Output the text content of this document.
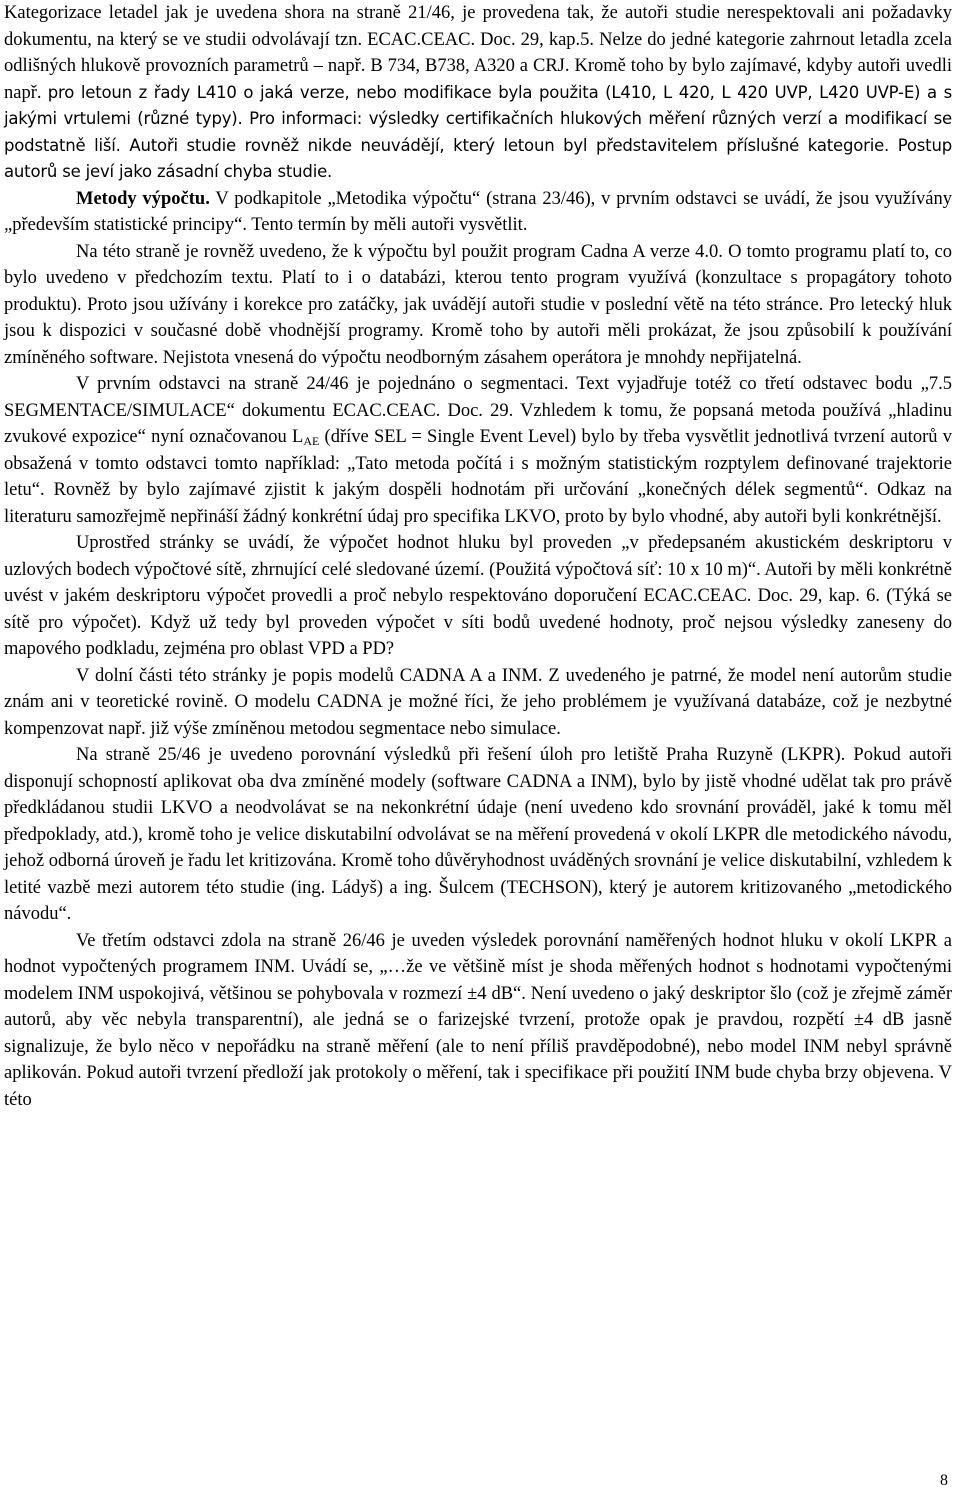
Kategorizace letadel jak je uvedena shora na straně 21/46, je provedena tak, že autoři studie nerespektovali ani požadavky dokumentu, na který se ve studii odvolávají tzn. ECAC.CEAC. Doc. 29, kap.5. Nelze do jedné kategorie zahrnout letadla zcela odlišných hlukově provozních parametrů – např. B 734, B738, A320 a CRJ. Kromě toho by bylo zajímavé, kdyby autoři uvedli např. pro letoun z řady L410 o jaká verze, nebo modifikace byla použita (L410, L 420, L 420 UVP, L420 UVP-E) a s jakými vrtulemi (různé typy). Pro informaci: výsledky certifikačních hlukových měření různých verzí a modifikací se podstatně liší. Autoři studie rovněž nikde neuvádějí, který letoun byl představitelem příslušné kategorie. Postup autorů se jeví jako zásadní chyba studie.

Metody výpočtu. V podkapitole „Metodika výpočtu“ (strana 23/46), v prvním odstavci se uvádí, že jsou využívány „především statistické principy“. Tento termín by měli autoři vysvětlit.

Na této straně je rovněž uvedeno, že k výpočtu byl použit program Cadna A verze 4.0. O tomto programu platí to, co bylo uvedeno v předchozím textu. Platí to i o databázi, kterou tento program využívá (konzultace s propagátory tohoto produktu). Proto jsou užívány i korekce pro zatáčky, jak uvádějí autoři studie v poslední větě na této stránce. Pro letecký hluk jsou k dispozici v současné době vhodnější programy. Kromě toho by autoři měli prokázat, že jsou způsobilí k používání zmíněného software. Nejistota vnesená do výpočtu neodborným zásahem operátora je mnohdy nepřijatelná.

V prvním odstavci na straně 24/46 je pojednáno o segmentaci. Text vyjadřuje totéž co třetí odstavec bodu „7.5 SEGMENTACE/SIMULACE“ dokumentu ECAC.CEAC. Doc. 29. Vzhledem k tomu, že popsaná metoda používá „hladinu zvukové expozice“ nyní označovanou $L_{AE}$ (dříve SEL = Single Event Level) bylo by třeba vysvětlit jednotlivá tvrzení autorů v obsažená v tomto odstavci tomto například: „Tato metoda počítá i s možným statistickým rozptylem definované trajektorie letu“. Rovněž by bylo zajímavé zjistit k jakým dospěli hodnotám při určování „konečných délek segmentů“. Odkaz na literaturu samozřejmě nepřináší žádný konkrétní údaj pro specifika LKVO, proto by bylo vhodné, aby autoři byli konkrétnější.

Uprostřed stránky se uvádí, že výpočet hodnot hluku byl proveden „v předepsaném akustickém deskriptoru v uzlových bodech výpočtové sítě, zhrnující celé sledované území. (Použitá výpočtová síť: 10 x 10 m)“. Autoři by měli konkrétně uvést v jakém deskriptoru výpočet provedli a proč nebylo respektováno doporučení ECAC.CEAC. Doc. 29, kap. 6. (Týká se sítě pro výpočet). Když už tedy byl proveden výpočet v síti bodů uvedené hodnoty, proč nejsou výsledky zaneseny do mapového podkladu, zejména pro oblast VPD a PD?

V dolní části této stránky je popis modelů CADNA A a INM. Z uvedeného je patrné, že model není autorům studie znám ani v teoretické rovině. O modelu CADNA je možné říci, že jeho problémem je využívaná databáze, což je nezbytné kompenzovat např. již výše zmíněnou metodou segmentace nebo simulace.

Na straně 25/46 je uvedeno porovnání výsledků při řešení úloh pro letiště Praha Ruzyně (LKPR). Pokud autoři disponují schopností aplikovat oba dva zmíněné modely (software CADNA a INM), bylo by jistě vhodné udělat tak pro právě předkládanou studii LKVO a neodvolávat se na nekonkrétní údaje (není uvedeno kdo srovnání prováděl, jaké k tomu měl předpoklady, atd.), kromě toho je velice diskutabilní odvolávat se na měření provedená v okolí LKPR dle metodického návodu, jehož odborná úroveň je řadu let kritizována. Kromě toho důvěryhodnost uváděných srovnání je velice diskutabilní, vzhledem k letité vazbě mezi autorem této studie (ing. Ládyš) a ing. Šulcem (TECHSON), který je autorem kritizovaného „metodického návodu“.

Ve třetím odstavci zdola na straně 26/46 je uveden výsledek porovnání naměřených hodnot hluku v okolí LKPR a hodnot vypočtených programem INM. Uvádí se, „…že ve většině míst je shoda měřených hodnot s hodnotami vypočtenými modelem INM uspokojivá, většinou se pohybovala v rozmezí ±4 dB“. Není uvedeno o jaký deskriptor šlo (což je zřejmě záměr autorů, aby věc nebyla transparentní), ale jedná se o farizejské tvrzení, protože opak je pravdou, rozpětí ±4 dB jasně signalizuje, že bylo něco v nepořádku na straně měření (ale to není příliš pravděpodobné), nebo model INM nebyl správně aplikován. Pokud autoři tvrzení předloží jak protokoly o měření, tak i specifikace při použití INM bude chyba brzy objevena. V této

8
